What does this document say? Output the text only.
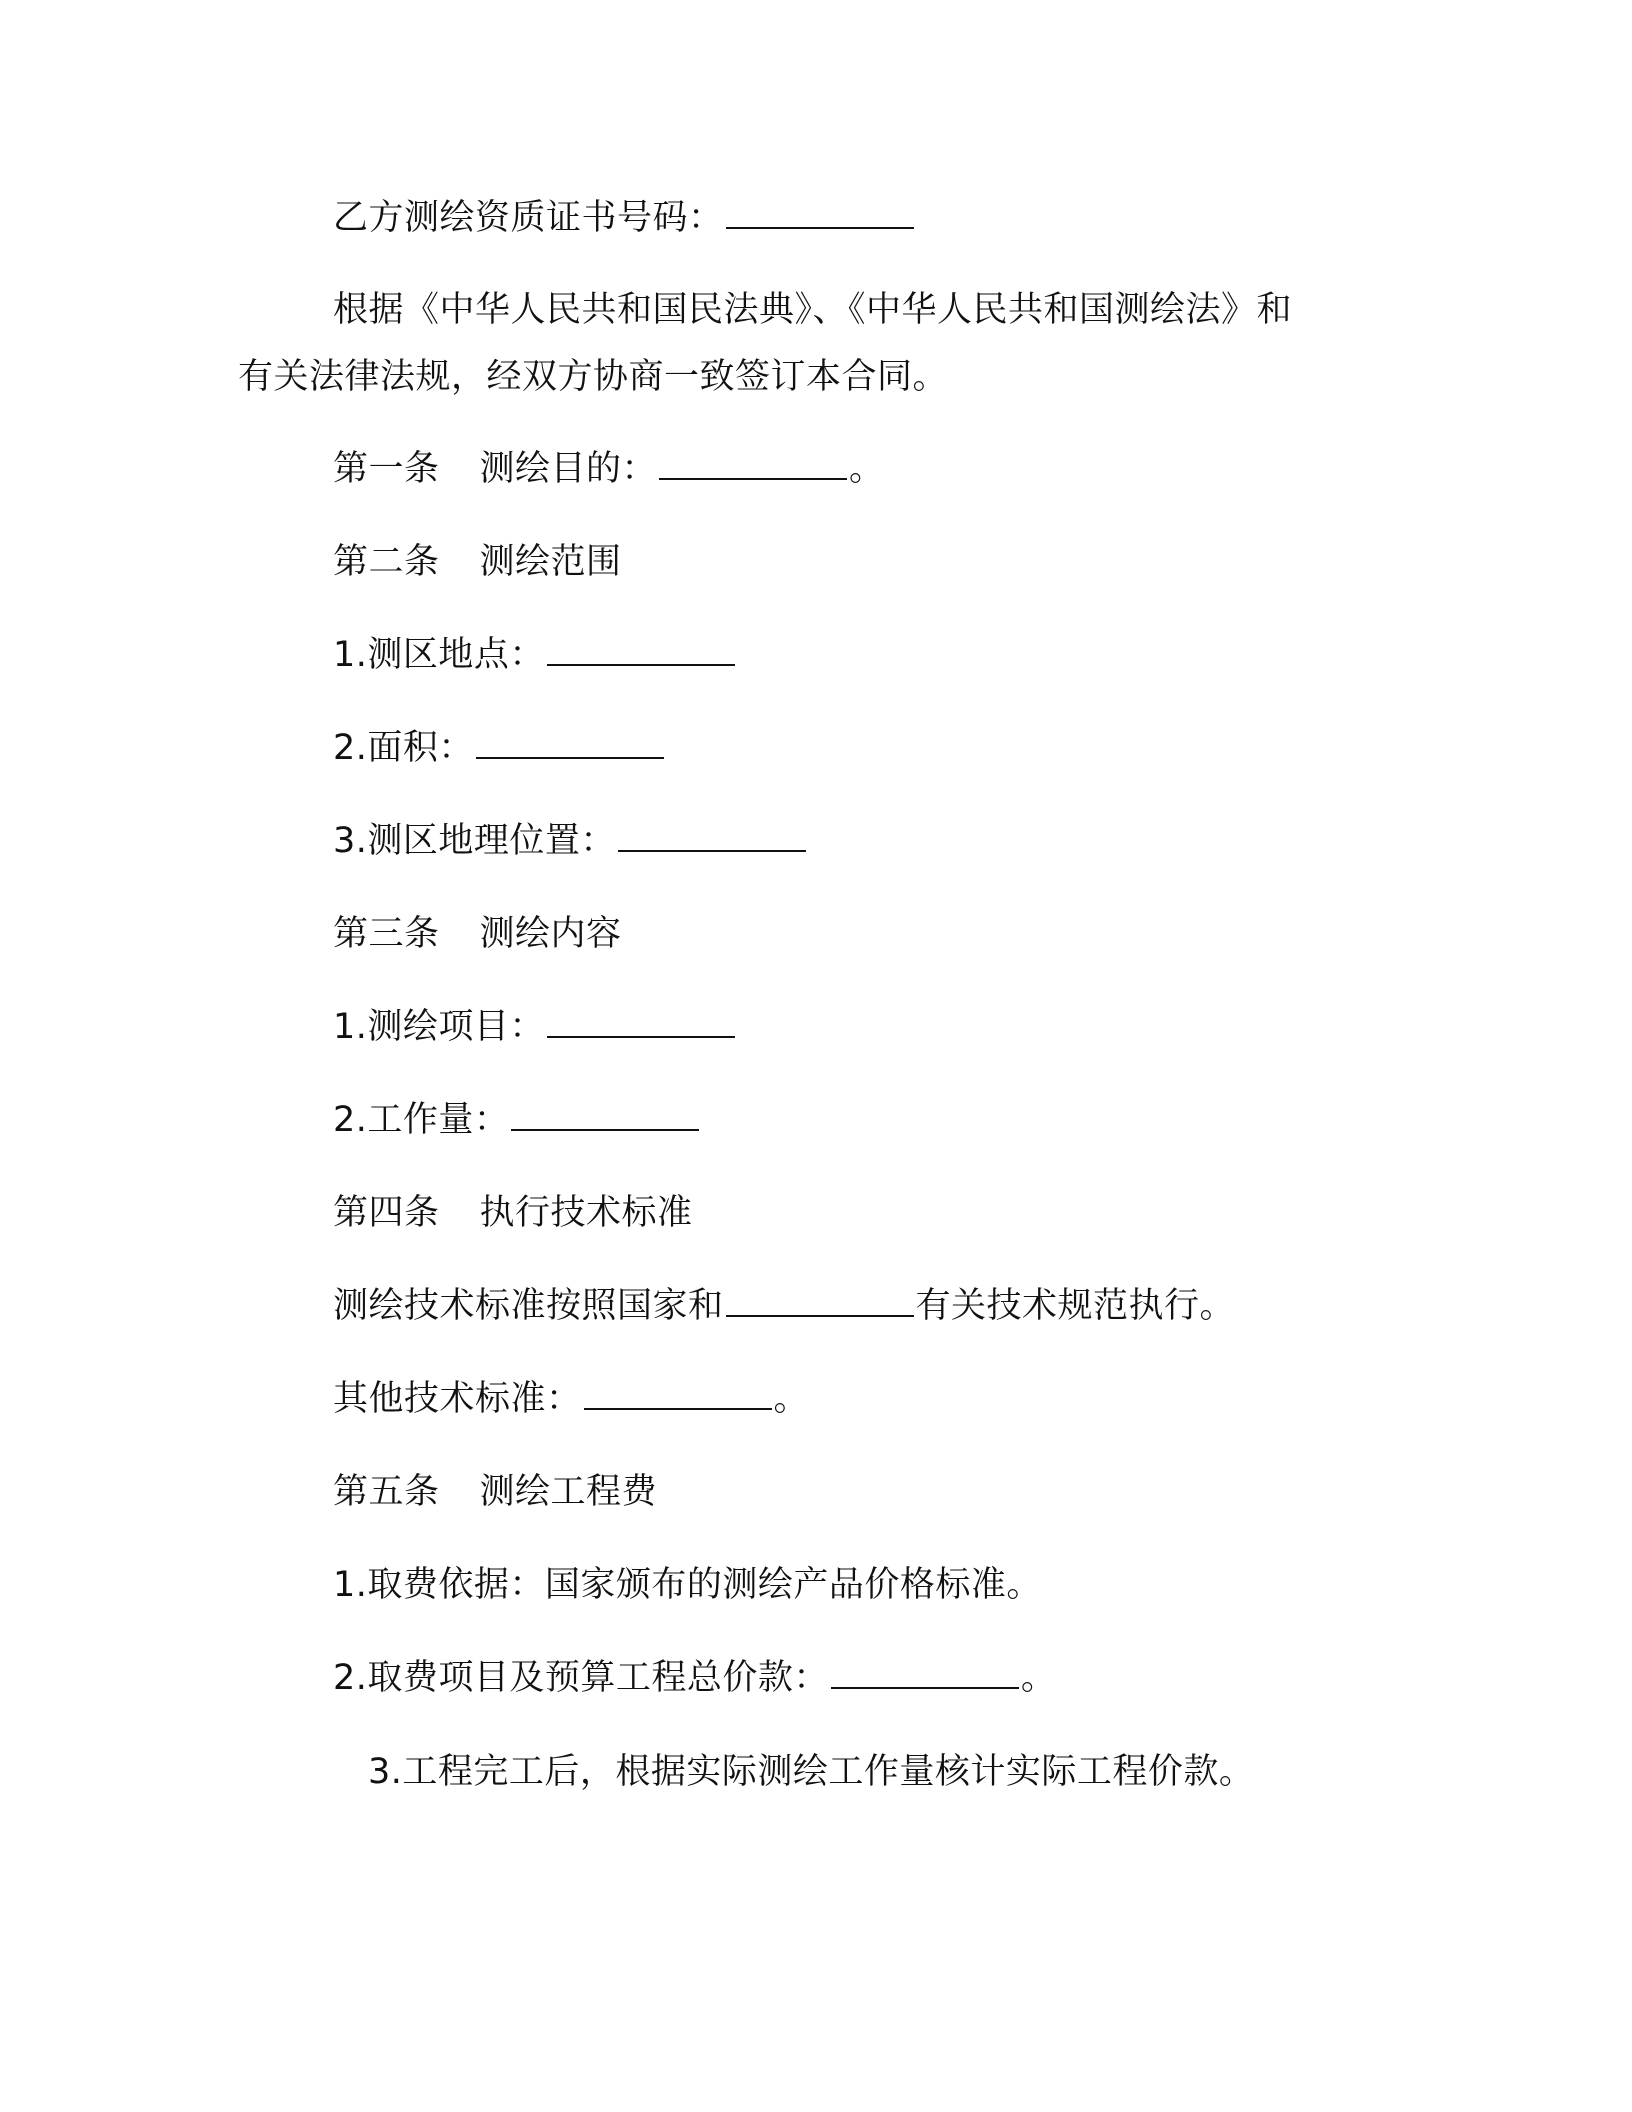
乙方测绘资质证书号码：
根据《中华人民共和国民法典》、《中华人民共和国测绘法》和
有关法律法规，经双方协商一致签订本合同。
第一条 测绘目的：	。
第二条 测绘范围
1.测区地点：
2.面积：
3.测区地理位置：
第三条 测绘内容
1.测绘项目：
2.工作量：
第四条 执行技术标准
测绘技术标准按照国家和	有关技术规范执行。
其他技术标准：	。
第五条 测绘工程费
1.取费依据：国家颁布的测绘产品价格标准。
2.取费项目及预算工程总价款：	。
3.工程完工后，根据实际测绘工作量核计实际工程价款。
